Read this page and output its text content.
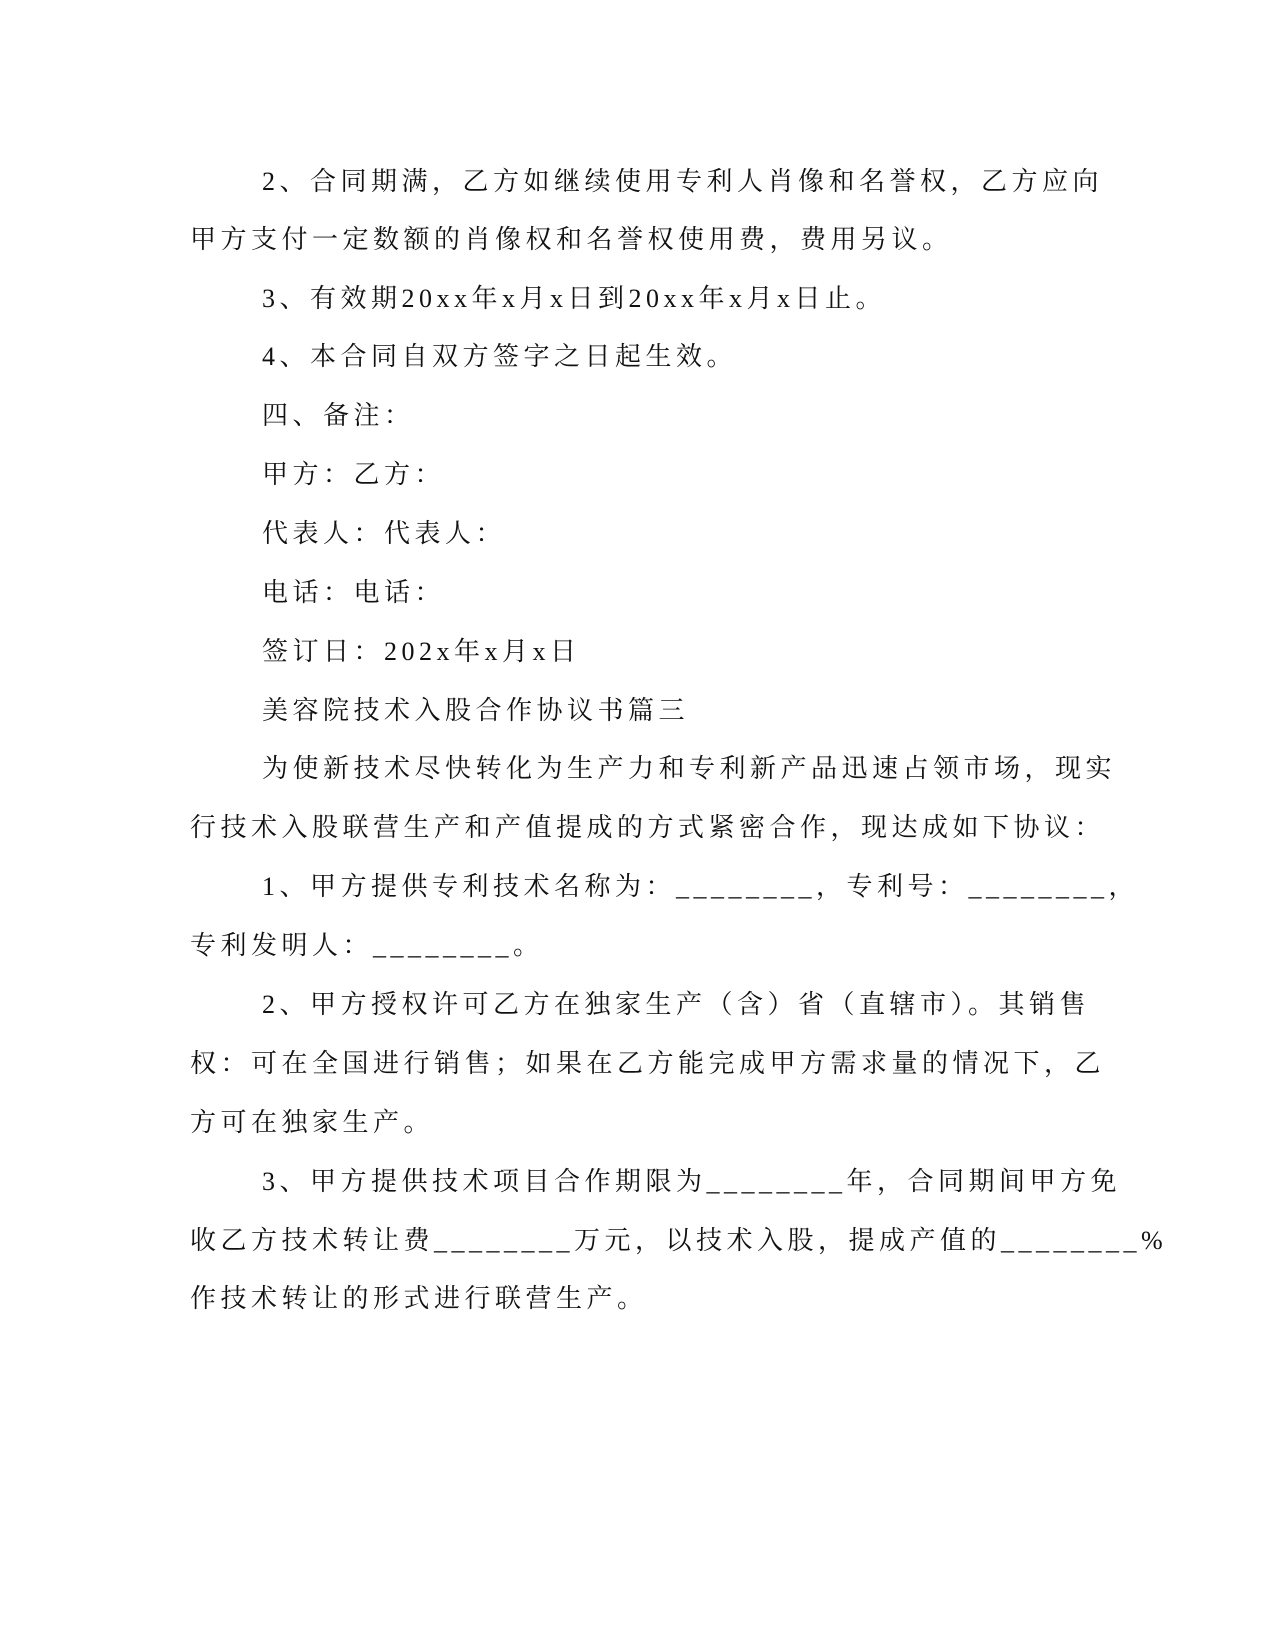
2、合同期满，乙方如继续使用专利人肖像和名誉权，乙方应向
甲方支付一定数额的肖像权和名誉权使用费，费用另议。
3、有效期20xx年x月x日到20xx年x月x日止。
4、本合同自双方签字之日起生效。
四、备注：
甲方：乙方：
代表人：代表人：
电话：电话：
签订日：202x年x月x日
美容院技术入股合作协议书篇三
为使新技术尽快转化为生产力和专利新产品迅速占领市场，现实
行技术入股联营生产和产值提成的方式紧密合作，现达成如下协议：
1、甲方提供专利技术名称为：________，专利号：________，
专利发明人：________。
2、甲方授权许可乙方在独家生产（含）省（直辖市）。其销售
权：可在全国进行销售；如果在乙方能完成甲方需求量的情况下，乙
方可在独家生产。
3、甲方提供技术项目合作期限为________年，合同期间甲方免
收乙方技术转让费________万元，以技术入股，提成产值的________%
作技术转让的形式进行联营生产。
